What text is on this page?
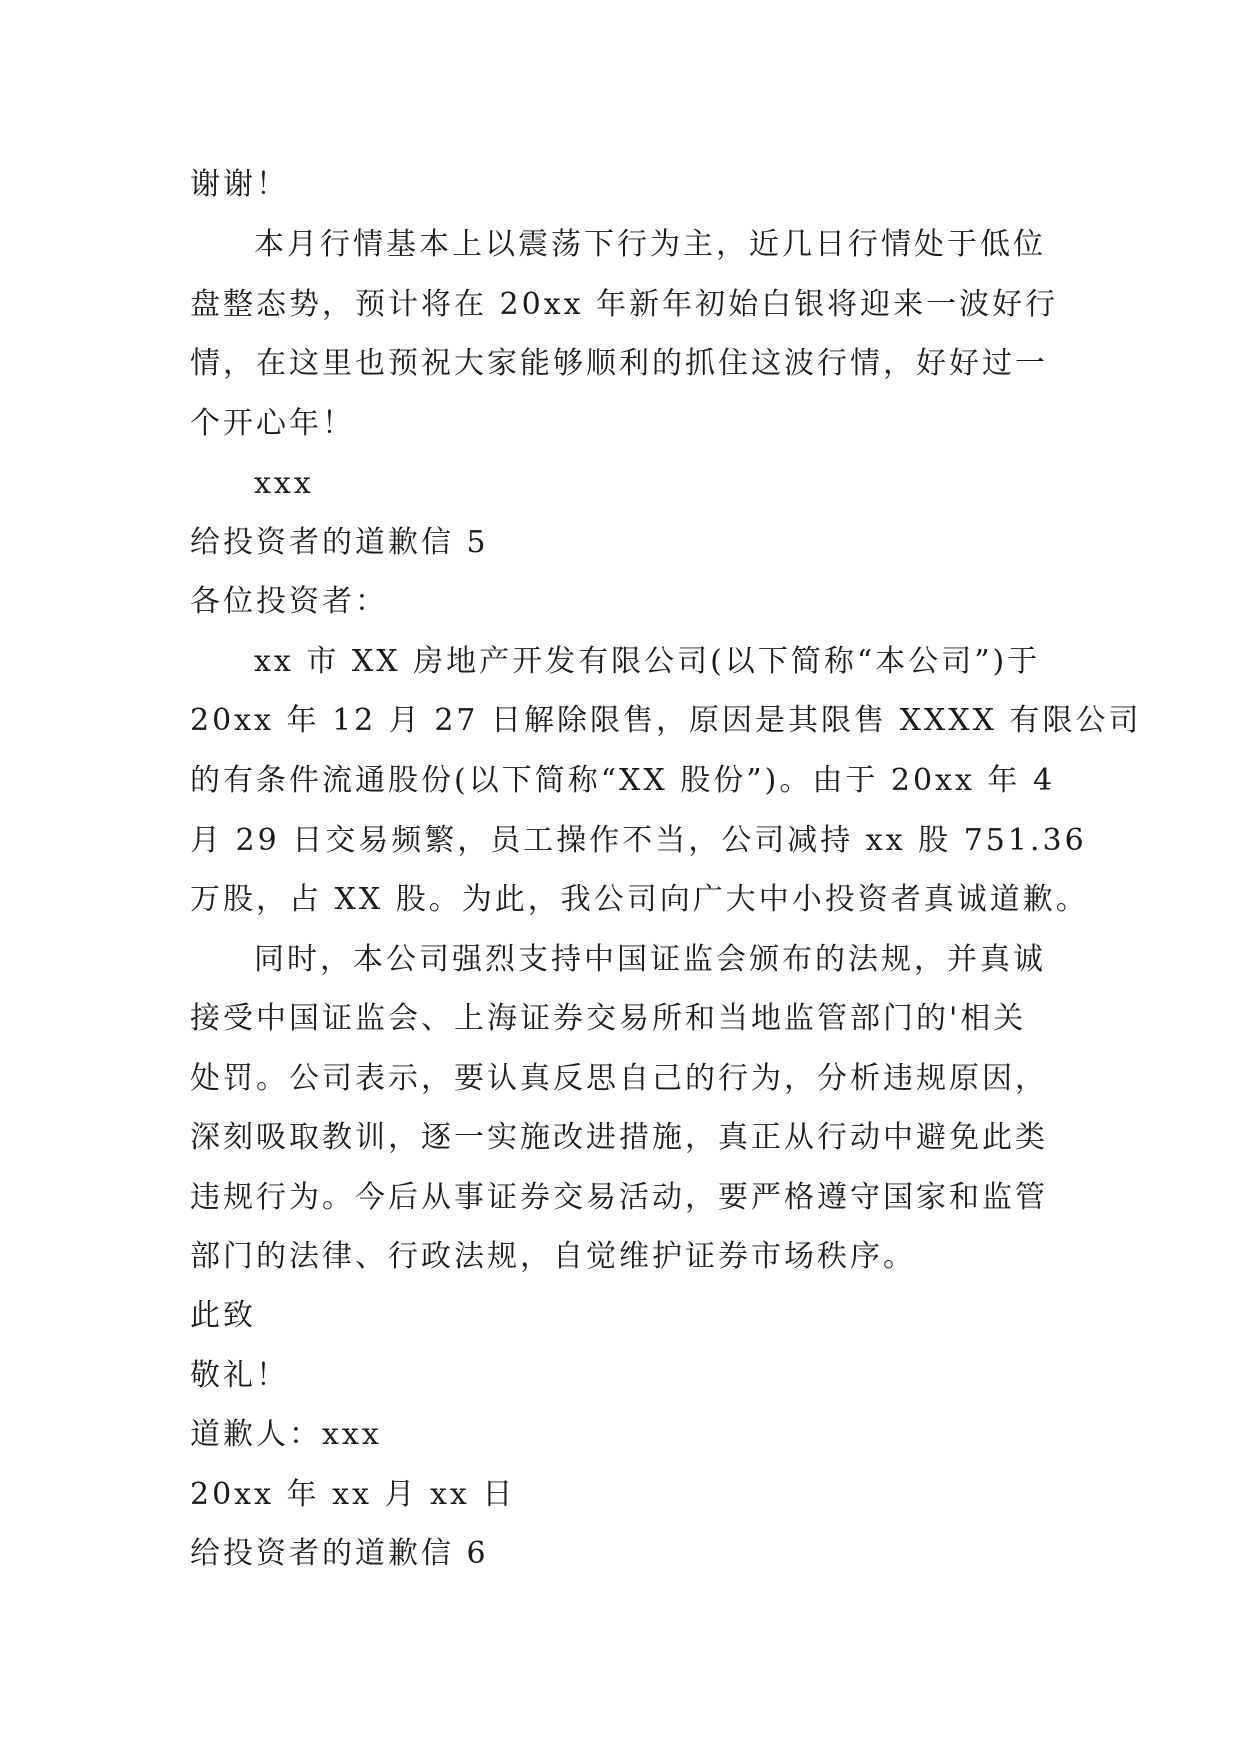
谢谢！

本月行情基本上以震荡下行为主，近几日行情处于低位

盘整态势，预计将在 20xx 年新年初始白银将迎来一波好行

情，在这里也预祝大家能够顺利的抓住这波行情，好好过一

个开心年！

xxx

给投资者的道歉信 5

各位投资者：

xx 市 XX 房地产开发有限公司(以下简称“本公司”)于

20xx 年 12 月 27 日解除限售，原因是其限售 XXXX 有限公司

的有条件流通股份(以下简称“XX 股份”)。由于 20xx 年 4

月 29 日交易频繁，员工操作不当，公司减持 xx 股 751.36

万股，占 XX 股。为此，我公司向广大中小投资者真诚道歉。

同时，本公司强烈支持中国证监会颁布的法规，并真诚

接受中国证监会、上海证券交易所和当地监管部门的'相关

处罚。公司表示，要认真反思自己的行为，分析违规原因，

深刻吸取教训，逐一实施改进措施，真正从行动中避免此类

违规行为。今后从事证券交易活动，要严格遵守国家和监管

部门的法律、行政法规，自觉维护证券市场秩序。

此致

敬礼！

道歉人：xxx

20xx 年 xx 月 xx 日

给投资者的道歉信 6
